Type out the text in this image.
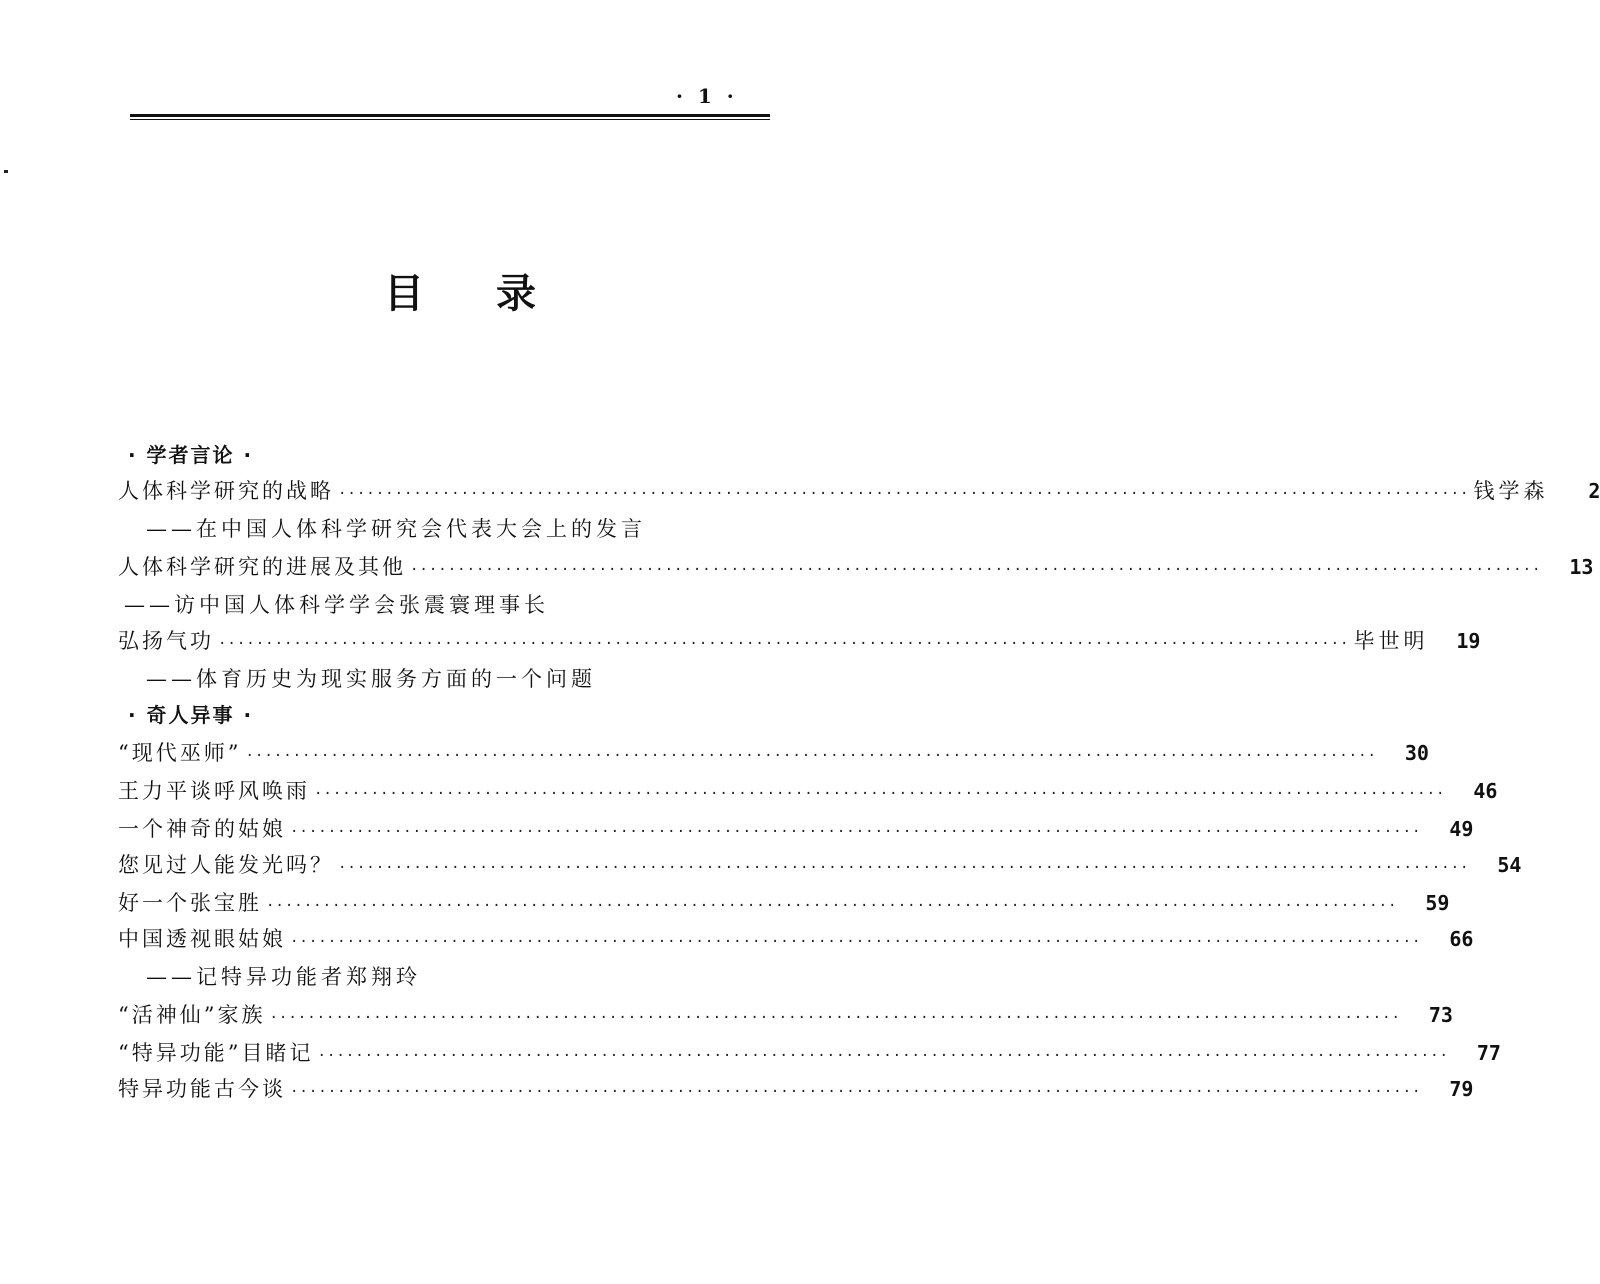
· 1 ·
目录
· 学者言论 ·
人体科学研究的战略 ························································································································ 钱学森	2
——在中国人体科学研究会代表大会上的发言
人体科学研究的进展及其他 ························································································································	13
——访中国人体科学学会张震寰理事长
弘扬气功 ························································································································ 毕世明	19
——体育历史为现实服务方面的一个问题
· 奇人异事 ·
“现代巫师” ························································································································	30
王力平谈呼风唤雨 ························································································································	46
一个神奇的姑娘 ························································································································	49
您见过人能发光吗？ ························································································································	54
好一个张宝胜 ························································································································	59
中国透视眼姑娘 ························································································································	66
——记特异功能者郑翔玲
“活神仙”家族 ························································································································	73
“特异功能”目睹记 ························································································································	77
特异功能古今谈 ························································································································	79
